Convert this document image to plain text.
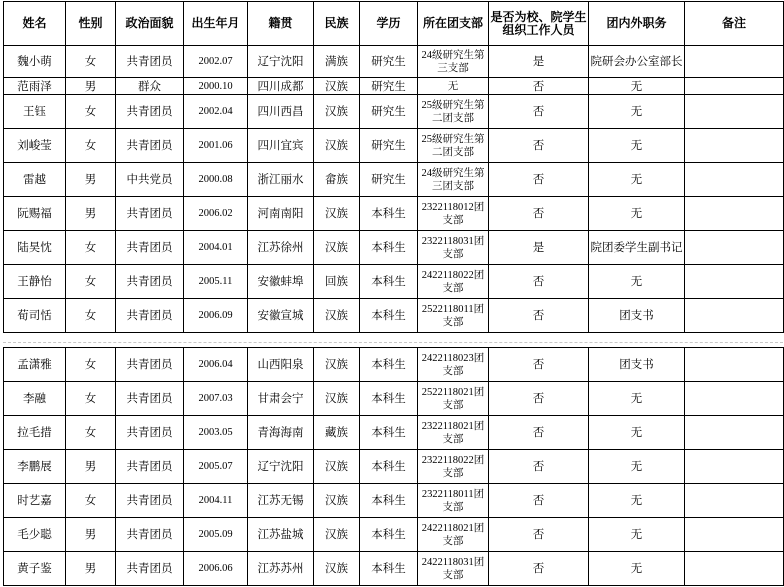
姓名	性别	政治面貌	出生年月	籍贯	民族	学历	所在团支部	是否为校、院学生组织工作人员	团内外职务	备注
魏小萌	女	共青团员	2002.07	辽宁沈阳	满族	研究生	24级研究生第三支部	是	院研会办公室部长	
范雨泽	男	群众	2000.10	四川成都	汉族	研究生	无	否	无	
王钰	女	共青团员	2002.04	四川西昌	汉族	研究生	25级研究生第二团支部	否	无	
刘峻莹	女	共青团员	2001.06	四川宜宾	汉族	研究生	25级研究生第二团支部	否	无	
雷越	男	中共党员	2000.08	浙江丽水	畲族	研究生	24级研究生第三团支部	否	无	
阮赐福	男	共青团员	2006.02	河南南阳	汉族	本科生	2322118012团支部	否	无	
陆昊忱	女	共青团员	2004.01	江苏徐州	汉族	本科生	2322118031团支部	是	院团委学生副书记	
王静怡	女	共青团员	2005.11	安徽蚌埠	回族	本科生	2422118022团支部	否	无	
荀司恬	女	共青团员	2006.09	安徽宣城	汉族	本科生	2522118011团支部	否	团支书	
孟潇雅	女	共青团员	2006.04	山西阳泉	汉族	本科生	2422118023团支部	否	团支书	
李融	女	共青团员	2007.03	甘肃会宁	汉族	本科生	2522118021团支部	否	无	
拉毛措	女	共青团员	2003.05	青海海南	藏族	本科生	2322118021团支部	否	无	
李鹏展	男	共青团员	2005.07	辽宁沈阳	汉族	本科生	2322118022团支部	否	无	
时艺嘉	女	共青团员	2004.11	江苏无锡	汉族	本科生	2322118011团支部	否	无	
毛少聪	男	共青团员	2005.09	江苏盐城	汉族	本科生	2422118021团支部	否	无	
黄子鉴	男	共青团员	2006.06	江苏苏州	汉族	本科生	2422118031团支部	否	无	
